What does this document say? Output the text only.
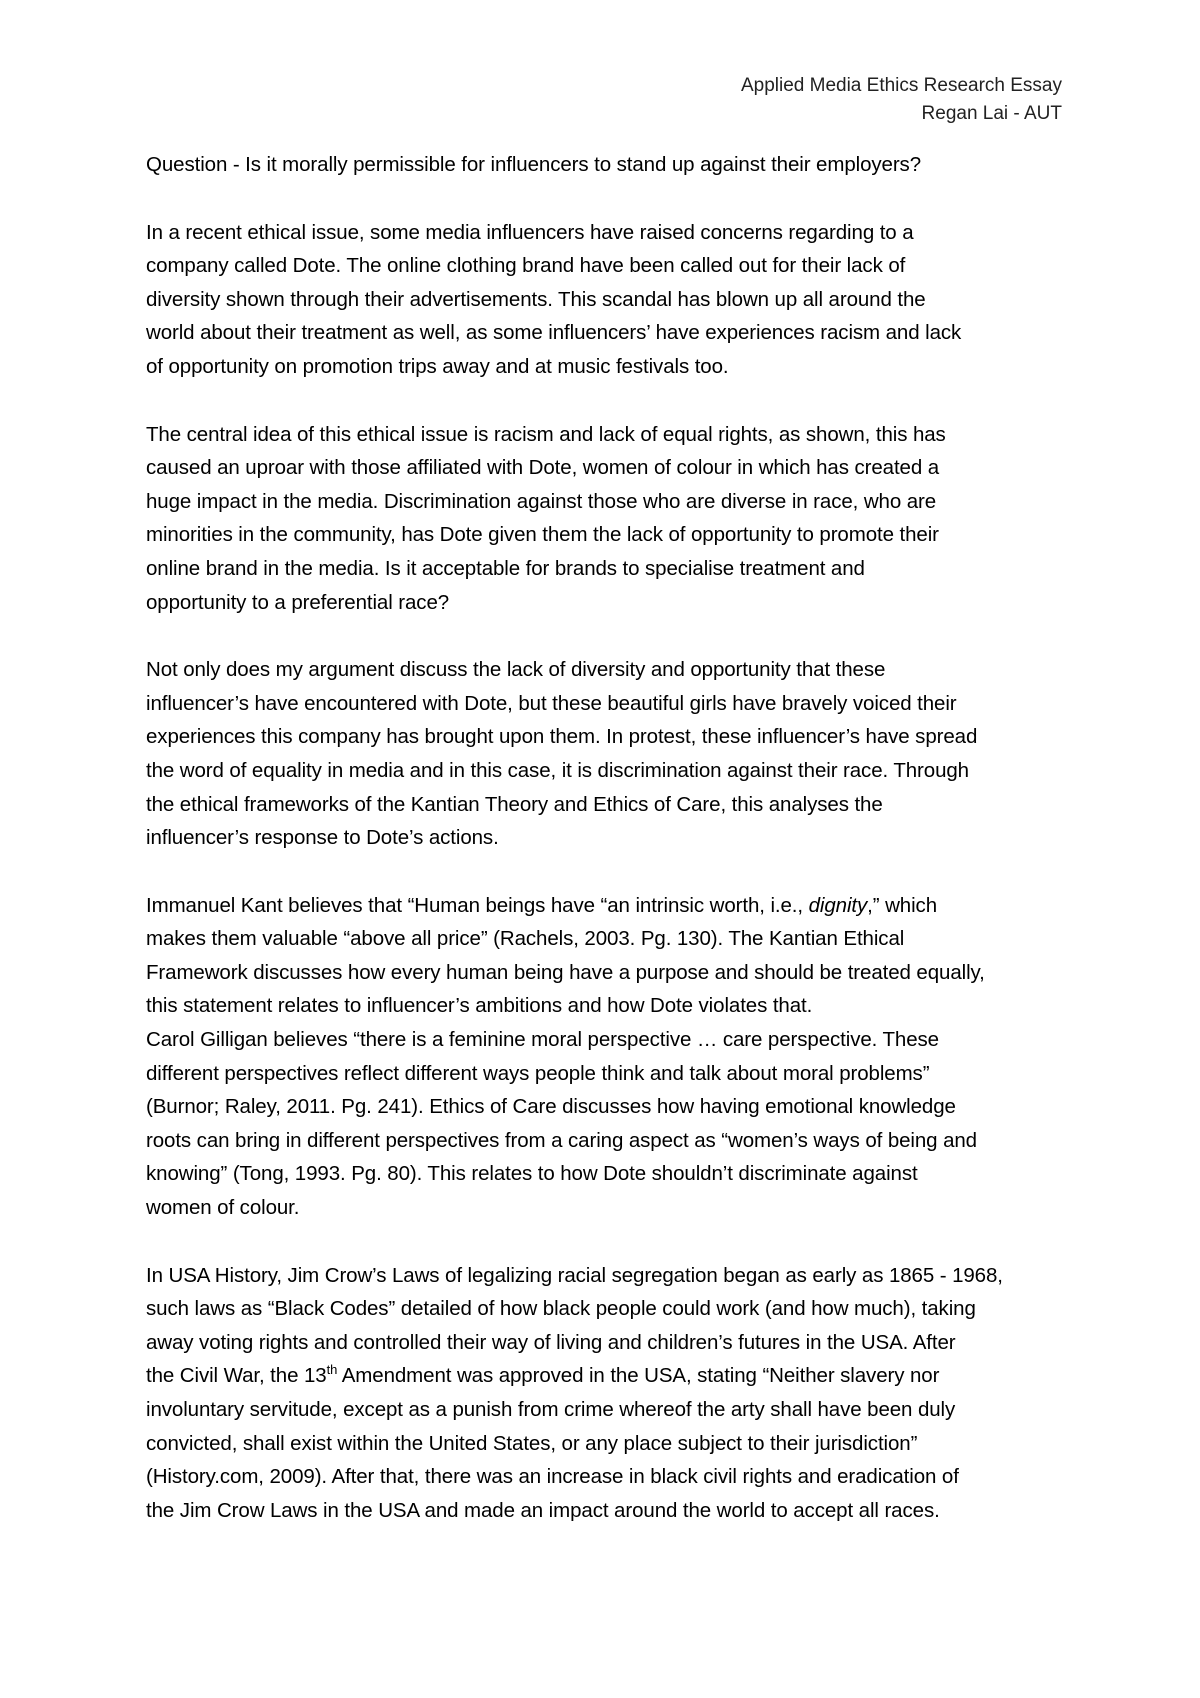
Applied Media Ethics Research Essay
Regan Lai - AUT

Question - Is it morally permissible for influencers to stand up against their employers?

In a recent ethical issue, some media influencers have raised concerns regarding to a
company called Dote. The online clothing brand have been called out for their lack of
diversity shown through their advertisements. This scandal has blown up all around the
world about their treatment as well, as some influencers’ have experiences racism and lack
of opportunity on promotion trips away and at music festivals too.

The central idea of this ethical issue is racism and lack of equal rights, as shown, this has
caused an uproar with those affiliated with Dote, women of colour in which has created a
huge impact in the media. Discrimination against those who are diverse in race, who are
minorities in the community, has Dote given them the lack of opportunity to promote their
online brand in the media. Is it acceptable for brands to specialise treatment and
opportunity to a preferential race?

Not only does my argument discuss the lack of diversity and opportunity that these
influencer’s have encountered with Dote, but these beautiful girls have bravely voiced their
experiences this company has brought upon them. In protest, these influencer’s have spread
the word of equality in media and in this case, it is discrimination against their race. Through
the ethical frameworks of the Kantian Theory and Ethics of Care, this analyses the
influencer’s response to Dote’s actions.

Immanuel Kant believes that “Human beings have “an intrinsic worth, i.e., dignity,” which
makes them valuable “above all price” (Rachels, 2003. Pg. 130). The Kantian Ethical
Framework discusses how every human being have a purpose and should be treated equally,
this statement relates to influencer’s ambitions and how Dote violates that.

Carol Gilligan believes “there is a feminine moral perspective … care perspective. These
different perspectives reflect different ways people think and talk about moral problems”
(Burnor; Raley, 2011. Pg. 241). Ethics of Care discusses how having emotional knowledge
roots can bring in different perspectives from a caring aspect as “women’s ways of being and
knowing” (Tong, 1993. Pg. 80). This relates to how Dote shouldn’t discriminate against
women of colour.

In USA History, Jim Crow’s Laws of legalizing racial segregation began as early as 1865 - 1968,
such laws as “Black Codes” detailed of how black people could work (and how much), taking
away voting rights and controlled their way of living and children’s futures in the USA. After
the Civil War, the 13th Amendment was approved in the USA, stating “Neither slavery nor
involuntary servitude, except as a punish from crime whereof the arty shall have been duly
convicted, shall exist within the United States, or any place subject to their jurisdiction”
(History.com, 2009). After that, there was an increase in black civil rights and eradication of
the Jim Crow Laws in the USA and made an impact around the world to accept all races.
